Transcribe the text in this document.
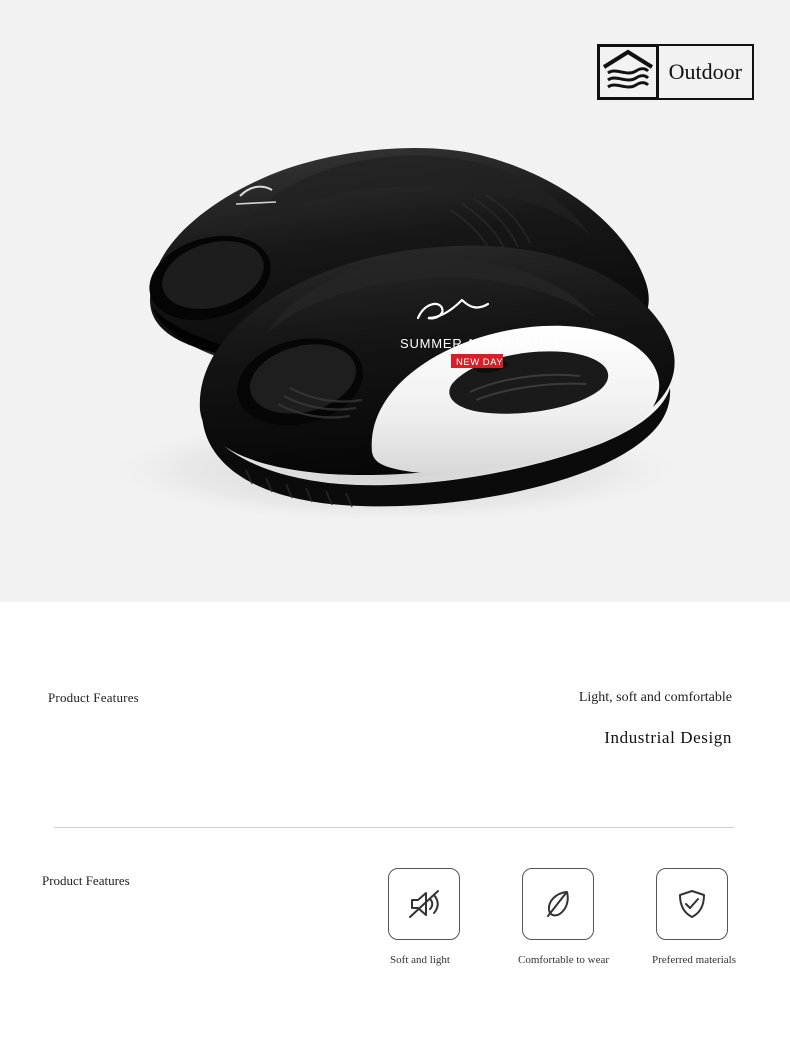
SUMMER ADEVNUTRES
NEW DAY
Outdoor
Product Features	Light, soft and comfortable
Industrial Design
Product Features
Soft and light	Comfortable to wear	Preferred materials
